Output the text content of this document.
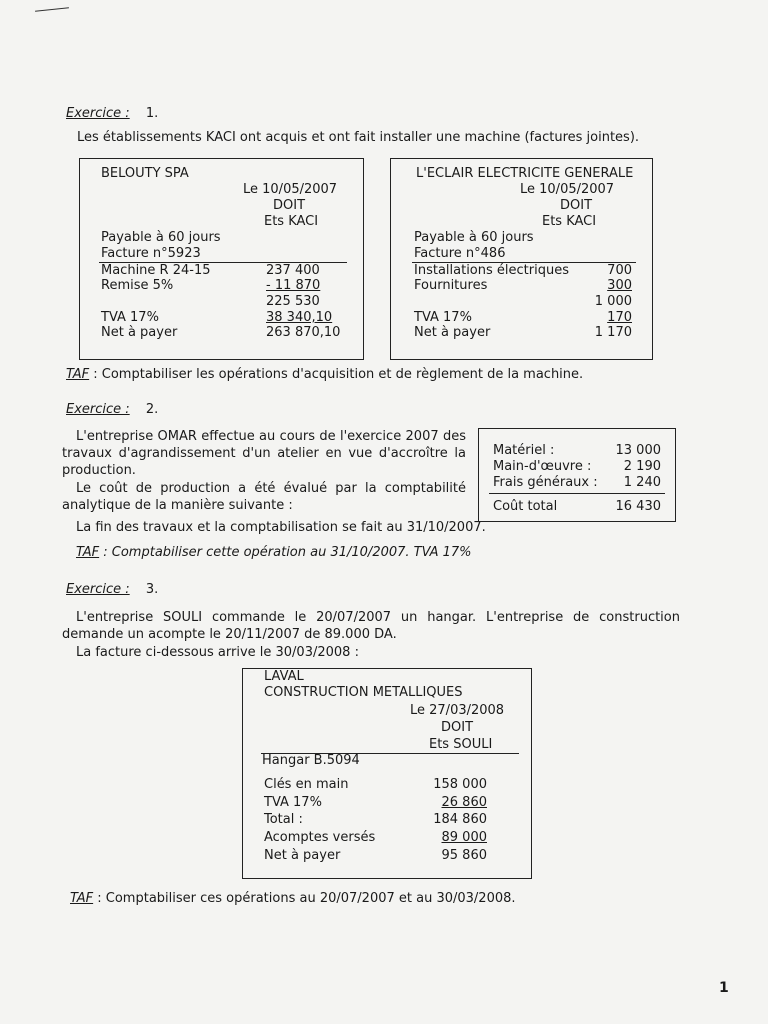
Exercice : 1.
Les établissements KACI ont acquis et ont fait installer une machine (factures jointes).
BELOUTY SPA
Le 10/05/2007
DOIT
Ets KACI
Payable à 60 jours
Facture n°5923
Machine R 24-15	237 400
Remise 5%	- 11 870
225 530
TVA 17%	38 340,10
Net à payer	263 870,10
L'ECLAIR ELECTRICITE GENERALE
Le 10/05/2007
DOIT
Ets KACI
Payable à 60 jours
Facture n°486
Installations électriques	700
Fournitures	300
1 000
TVA 17%	170
Net à payer	1 170
TAF : Comptabiliser les opérations d'acquisition et de règlement de la machine.
Exercice : 2.

L'entreprise OMAR effectue au cours de l'exercice 2007 des travaux d'agrandissement d'un atelier en vue d'accroître la production.

Le coût de production a été évalué par la comptabilité analytique de la manière suivante :

La fin des travaux et la comptabilisation se fait au 31/10/2007.
TAF : Comptabiliser cette opération au 31/10/2007. TVA 17%
Matériel :	13 000
Main-d'œuvre : 2 190
Frais généraux : 1 240
Coût total	16 430
Exercice : 3.

L'entreprise SOULI commande le 20/07/2007 un hangar. L'entreprise de construction demande un acompte le 20/11/2007 de 89.000 DA.

La facture ci-dessous arrive le 30/03/2008 :
LAVAL
CONSTRUCTION METALLIQUES
Le 27/03/2008
DOIT
Ets SOULI
Hangar B.5094
Clés en main	158 000
TVA 17%	26 860
Total :	184 860
Acomptes versés	89 000
Net à payer	95 860
TAF : Comptabiliser ces opérations au 20/07/2007 et au 30/03/2008.
1
